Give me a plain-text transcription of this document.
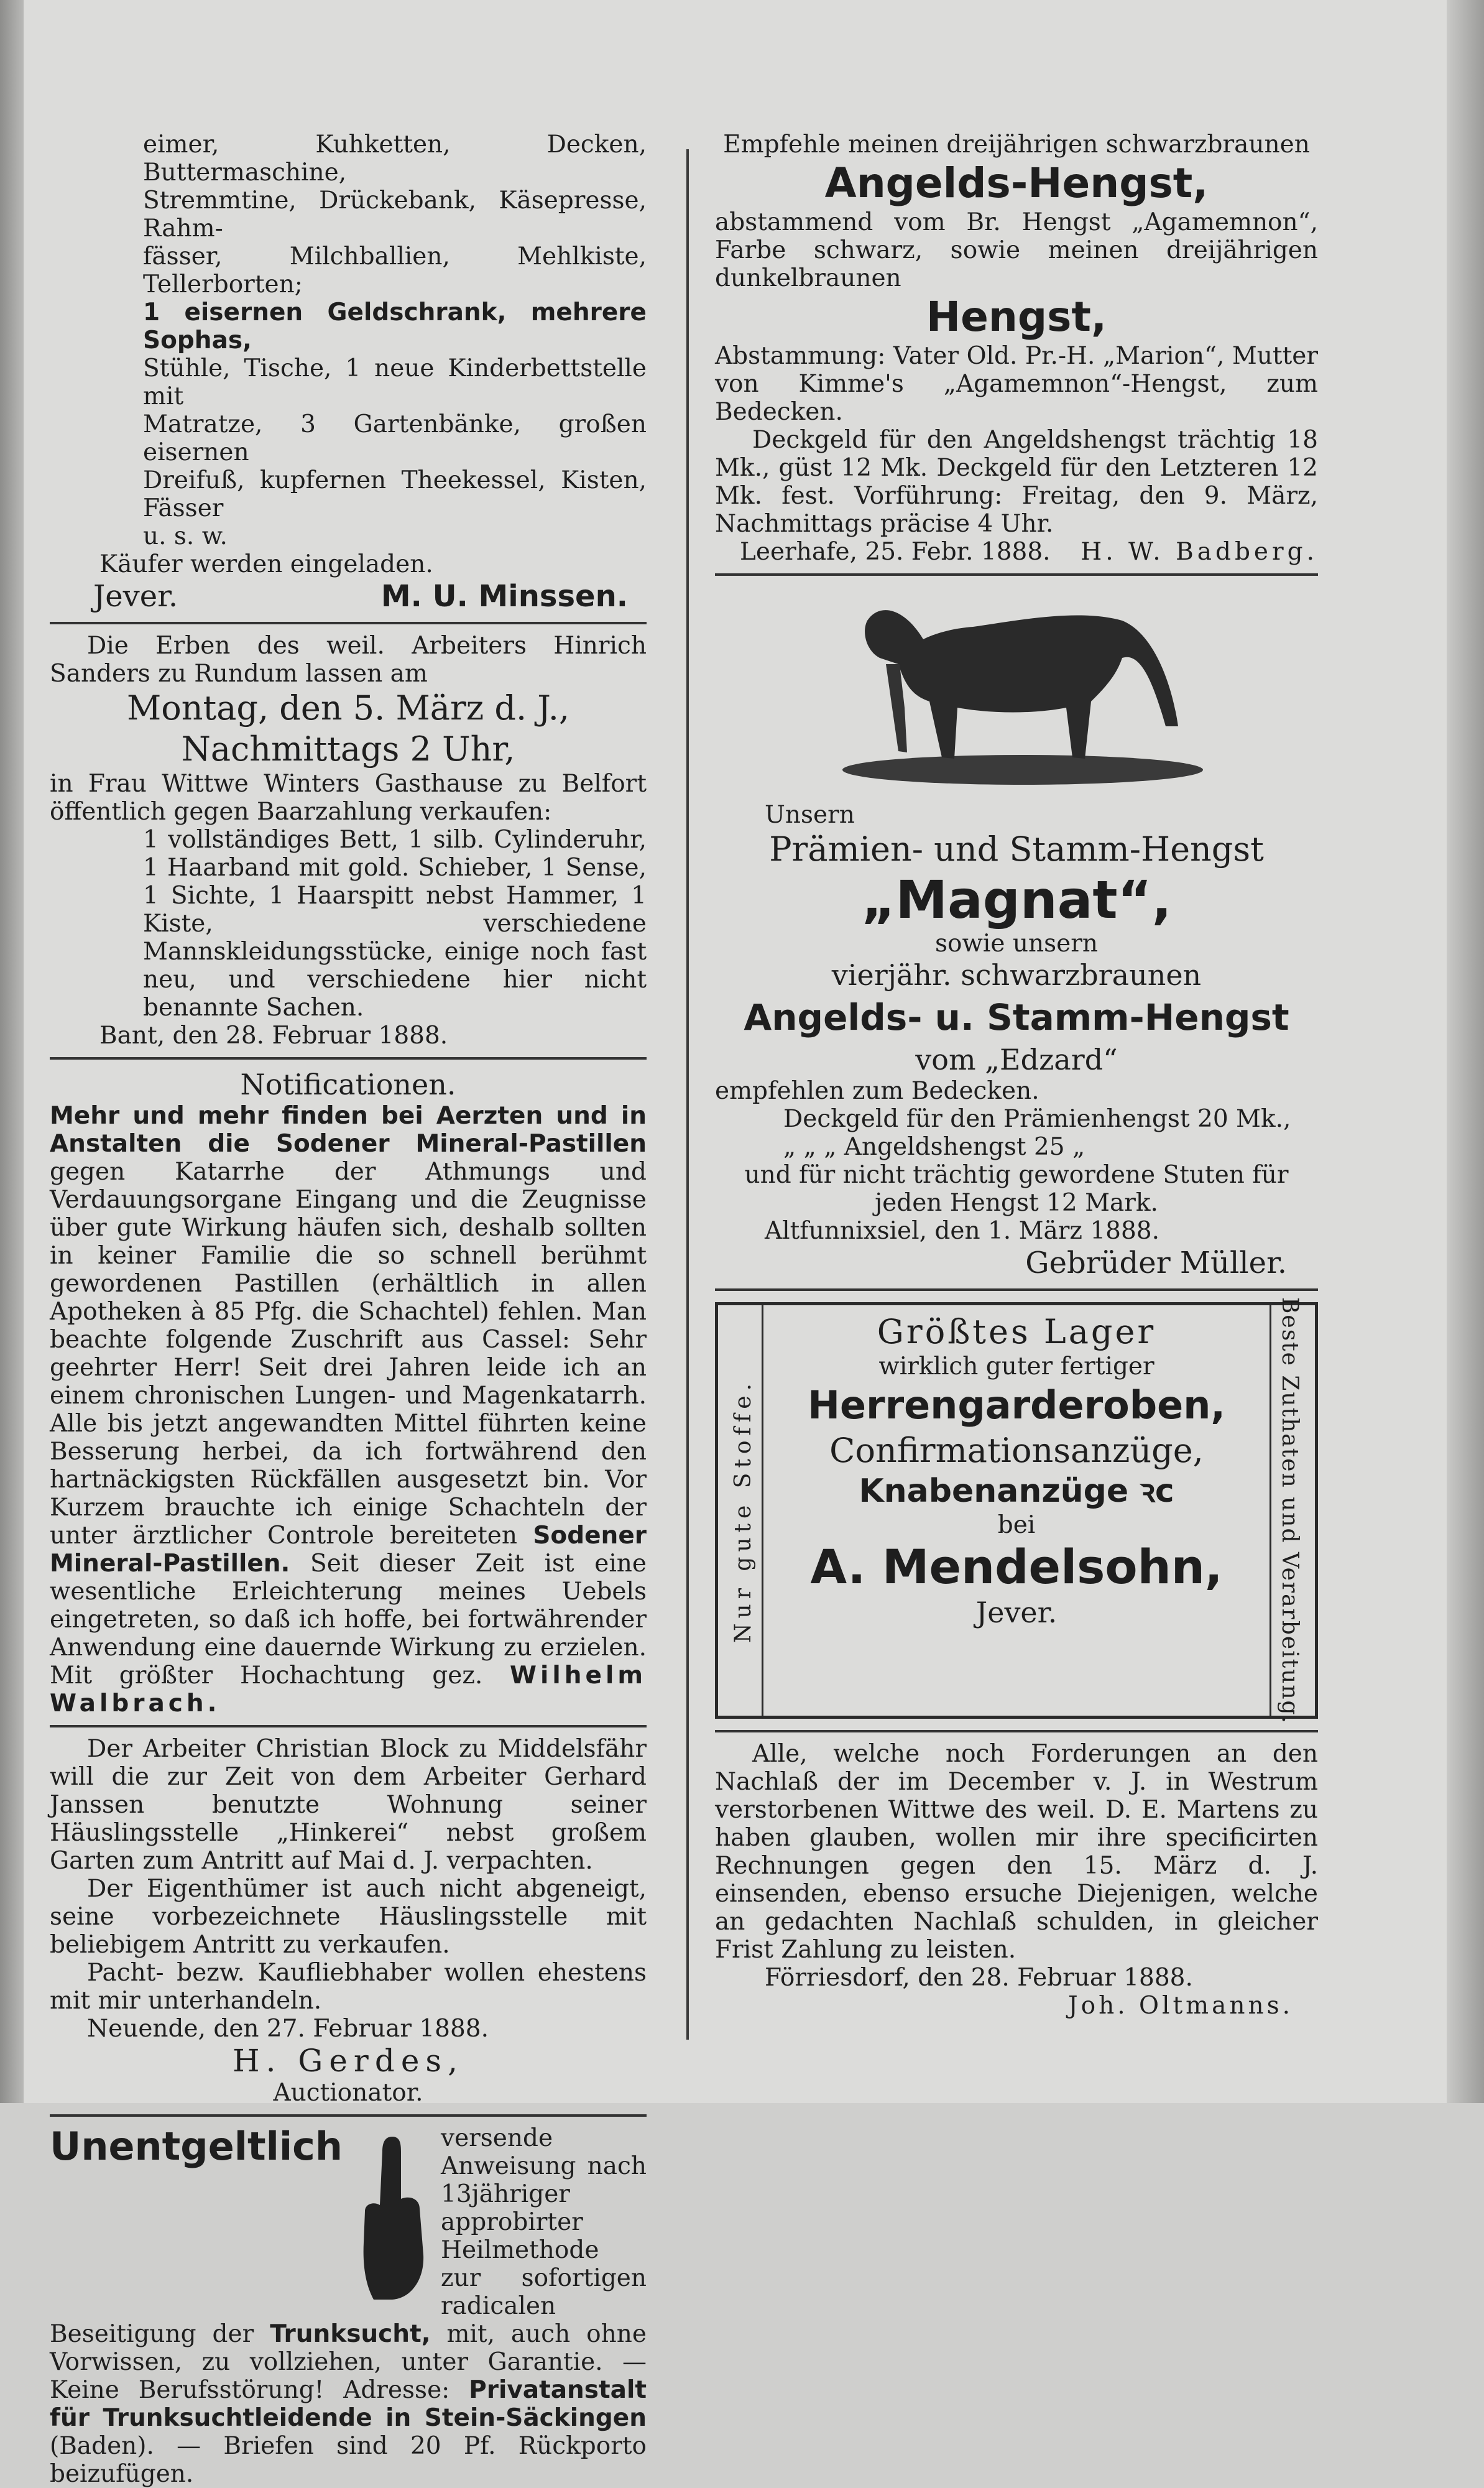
eimer, Kuhketten, Decken, Buttermaschine,

Stremmtine, Drückebank, Käsepresse, Rahm-

fässer, Milchballien, Mehlkiste, Tellerborten;

1 eisernen Geldschrank, mehrere Sophas,

Stühle, Tische, 1 neue Kinderbettstelle mit

Matratze, 3 Gartenbänke, großen eisernen

Dreifuß, kupfernen Theekessel, Kisten, Fässer

u. s. w.

Käufer werden eingeladen.

Jever.	M. U. Minssen.

Die Erben des weil. Arbeiters Hinrich Sanders zu Rundum lassen am

Montag, den 5. März d. J.,

Nachmittags 2 Uhr,

in Frau Wittwe Winters Gasthause zu Belfort öffentlich gegen Baarzahlung verkaufen:

1 vollständiges Bett, 1 silb. Cylinderuhr, 1 Haarband mit gold. Schieber, 1 Sense, 1 Sichte, 1 Haarspitt nebst Hammer, 1 Kiste, verschiedene Mannskleidungsstücke, einige noch fast neu, und verschiedene hier nicht benannte Sachen.

Bant, den 28. Februar 1888.

Notificationen.

Mehr und mehr finden bei Aerzten und in Anstalten die Sodener Mineral-Pastillen gegen Katarrhe der Athmungs und Verdauungsorgane Eingang und die Zeugnisse über gute Wirkung häufen sich, deshalb sollten in keiner Familie die so schnell berühmt gewordenen Pastillen (erhältlich in allen Apotheken à 85 Pfg. die Schachtel) fehlen. Man beachte folgende Zuschrift aus Cassel: Sehr geehrter Herr! Seit drei Jahren leide ich an einem chronischen Lungen- und Magenkatarrh. Alle bis jetzt angewandten Mittel führten keine Besserung herbei, da ich fortwährend den hartnäckigsten Rückfällen ausgesetzt bin. Vor Kurzem brauchte ich einige Schachteln der unter ärztlicher Controle bereiteten Sodener Mineral-Pastillen. Seit dieser Zeit ist eine wesentliche Erleichterung meines Uebels eingetreten, so daß ich hoffe, bei fortwährender Anwendung eine dauernde Wirkung zu erzielen. Mit größter Hochachtung gez. Wilhelm Walbrach.

Der Arbeiter Christian Block zu Middelsfähr will die zur Zeit von dem Arbeiter Gerhard Janssen benutzte Wohnung seiner Häuslingsstelle „Hinkerei“ nebst großem Garten zum Antritt auf Mai d. J. verpachten.

Der Eigenthümer ist auch nicht abgeneigt, seine vorbezeichnete Häuslingsstelle mit beliebigem Antritt zu verkaufen.

Pacht- bezw. Kaufliebhaber wollen ehestens mit mir unterhandeln.

Neuende, den 27. Februar 1888.

H. Gerdes,

Auctionator.

Unentgeltlich	versende Anweisung nach 13jähriger approbirter Heilmethode zur sofortigen radicalen Beseitigung der Trunksucht, mit, auch ohne Vorwissen, zu vollziehen, unter Garantie. — Keine Berufsstörung! Adresse: Privatanstalt für Trunksuchtleidende in Stein-Säckingen (Baden). — Briefen sind 20 Pf. Rückporto beizufügen.

Empfehle meinen dreijährigen schwarzbraunen

Angelds-Hengst,

abstammend vom Br. Hengst „Agamemnon“, Farbe schwarz, sowie meinen dreijährigen dunkelbraunen

Hengst,

Abstammung: Vater Old. Pr.-H. „Marion“, Mutter von Kimme's „Agamemnon“-Hengst, zum Bedecken.

Deckgeld für den Angeldshengst trächtig 18 Mk., güst 12 Mk. Deckgeld für den Letzteren 12 Mk. fest. Vorführung: Freitag, den 9. März, Nachmittags präcise 4 Uhr.

Leerhafe, 25. Febr. 1888. H. W. Badberg.

Unsern

Prämien- und Stamm-Hengst

„Magnat“,

sowie unsern

vierjähr. schwarzbraunen

Angelds- u. Stamm-Hengst

vom „Edzard“

empfehlen zum Bedecken.

Deckgeld für den Prämienhengst 20 Mk.,

„ „ „ Angeldshengst 25 „

und für nicht trächtig gewordene Stuten für jeden Hengst 12 Mark.

Altfunnixsiel, den 1. März 1888.

Gebrüder Müller.

Nur gute Stoffe.	Beste Zuthaten und Verarbeitung.

Größtes Lager

wirklich guter fertiger

Herrengarderoben,

Confirmationsanzüge,

Knabenanzüge ꝛc

bei

A. Mendelsohn,

Jever.

Alle, welche noch Forderungen an den Nachlaß der im December v. J. in Westrum verstorbenen Wittwe des weil. D. E. Martens zu haben glauben, wollen mir ihre specificirten Rechnungen gegen den 15. März d. J. einsenden, ebenso ersuche Diejenigen, welche an gedachten Nachlaß schulden, in gleicher Frist Zahlung zu leisten.

Förriesdorf, den 28. Februar 1888.

Joh. Oltmanns.
